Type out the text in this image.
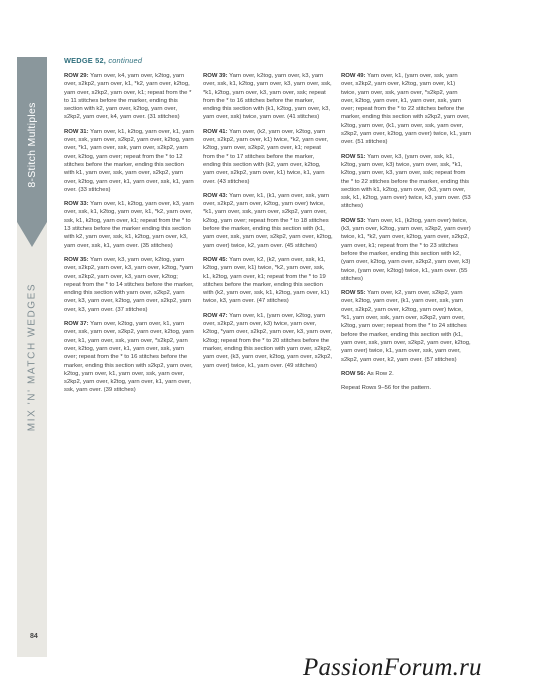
8-Stitch Multiples
MIX 'N' MATCH WEDGES
WEDGE 52, continued

ROW 29: Yarn over, k4, yarn over, k2tog, yarn over, s2kp2, yarn over, k1, *k2, yarn over, k2tog, yarn over, s2kp2, yarn over, k1; repeat from the * to 11 stitches before the marker, ending this section with k2, yarn over, k2tog, yarn over, s2kp2, yarn over, k4, yarn over. (31 stitches)

ROW 31: Yarn over, k1, k2tog, yarn over, k1, yarn over, ssk, yarn over, s2kp2, yarn over, k2tog, yarn over, *k1, yarn over, ssk, yarn over, s2kp2, yarn over, k2tog, yarn over; repeat from the * to 12 stitches before the marker, ending this section with k1, yarn over, ssk, yarn over, s2kp2, yarn over, k2tog, yarn over, k1, yarn over, ssk, k1, yarn over. (33 stitches)

ROW 33: Yarn over, k1, k2tog, yarn over, k3, yarn over, ssk, k1, k2tog, yarn over, k1, *k2, yarn over, ssk, k1, k2tog, yarn over, k1; repeat from the * to 13 stitches before the marker ending this section with k2, yarn over, ssk, k1, k2tog, yarn over, k3, yarn over, ssk, k1, yarn over. (35 stitches)

ROW 35: Yarn over, k3, yarn over, k2tog, yarn over, s2kp2, yarn over, k3, yarn over, k2tog, *yarn over, s2kp2, yarn over, k3, yarn over, k2tog; repeat from the * to 14 stitches before the marker, ending this section with yarn over, s2kp2, yarn over, k3, yarn over, k2tog, yarn over, s2kp2, yarn over, k3, yarn over. (37 stitches)

ROW 37: Yarn over, k2tog, yarn over, k1, yarn over, ssk, yarn over, s2kp2, yarn over, k2tog, yarn over, k1, yarn over, ssk, yarn over, *s2kp2, yarn over, k2tog, yarn over, k1, yarn over, ssk, yarn over; repeat from the * to 16 stitches before the marker, ending this section with s2kp2, yarn over, k2tog, yarn over, k1, yarn over, ssk, yarn over, s2kp2, yarn over, k2tog, yarn over, k1, yarn over, ssk, yarn over. (39 stitches)

ROW 39: Yarn over, k2tog, yarn over, k3, yarn over, ssk, k1, k2tog, yarn over, k3, yarn over, ssk, *k1, k2tog, yarn over, k3, yarn over, ssk; repeat from the * to 16 stitches before the marker, ending this section with (k1, k2tog, yarn over, k3, yarn over, ssk) twice, yarn over. (41 stitches)

ROW 41: Yarn over, (k2, yarn over, k2tog, yarn over, s2kp2, yarn over, k1) twice, *k2, yarn over, k2tog, yarn over, s2kp2, yarn over, k1; repeat from the * to 17 stitches before the marker, ending this section with (k2, yarn over, k2tog, yarn over, s2kp2, yarn over, k1) twice, k1, yarn over. (43 stitches)

ROW 43: Yarn over, k1, (k1, yarn over, ssk, yarn over, s2kp2, yarn over, k2tog, yarn over) twice, *k1, yarn over, ssk, yarn over, s2kp2, yarn over, k2tog, yarn over; repeat from the * to 18 stitches before the marker, ending this section with (k1, yarn over, ssk, yarn over, s2kp2, yarn over, k2tog, yarn over) twice, k2, yarn over. (45 stitches)

ROW 45: Yarn over, k2, (k2, yarn over, ssk, k1, k2tog, yarn over, k1) twice, *k2, yarn over, ssk, k1, k2tog, yarn over, k1; repeat from the * to 19 stitches before the marker, ending this section with (k2, yarn over, ssk, k1, k2tog, yarn over, k1) twice, k3, yarn over. (47 stitches)

ROW 47: Yarn over, k1, (yarn over, k2tog, yarn over, s2kp2, yarn over, k3) twice, yarn over, k2tog, *yarn over, s2kp2, yarn over, k3, yarn over, k2tog; repeat from the * to 20 stitches before the marker, ending this section with yarn over, s2kp2, yarn over, (k3, yarn over, k2tog, yarn over, s2kp2, yarn over) twice, k1, yarn over. (49 stitches)

ROW 49: Yarn over, k1, (yarn over, ssk, yarn over, s2kp2, yarn over, k2tog, yarn over, k1) twice, yarn over, ssk, yarn over, *s2kp2, yarn over, k2tog, yarn over, k1, yarn over, ssk, yarn over; repeat from the * to 22 stitches before the marker, ending this section with s2kp2, yarn over, k2tog, yarn over, (k1, yarn over, ssk, yarn over, s2kp2, yarn over, k2tog, yarn over) twice, k1, yarn over. (51 stitches)

ROW 51: Yarn over, k3, (yarn over, ssk, k1, k2tog, yarn over, k3) twice, yarn over, ssk, *k1, k2tog, yarn over, k3, yarn over, ssk; repeat from the * to 22 stitches before the marker, ending this section with k1, k2tog, yarn over, (k3, yarn over, ssk, k1, k2tog, yarn over) twice, k3, yarn over. (53 stitches)

ROW 53: Yarn over, k1, (k2tog, yarn over) twice, (k3, yarn over, k2tog, yarn over, s2kp2, yarn over) twice, k1, *k2, yarn over, k2tog, yarn over, s2kp2, yarn over, k1; repeat from the * to 23 stitches before the marker, ending this section with k2, (yarn over, k2tog, yarn over, s2kp2, yarn over, k3) twice, (yarn over, k2tog) twice, k1, yarn over. (55 stitches)

ROW 55: Yarn over, k2, yarn over, s2kp2, yarn over, k2tog, yarn over, (k1, yarn over, ssk, yarn over, s2kp2, yarn over, k2tog, yarn over) twice, *k1, yarn over, ssk, yarn over, s2kp2, yarn over, k2tog, yarn over; repeat from the * to 24 stitches before the marker, ending this section with (k1, yarn over, ssk, yarn over, s2kp2, yarn over, k2tog, yarn over) twice, k1, yarn over, ssk, yarn over, s2kp2, yarn over, k2, yarn over. (57 stitches)

ROW 56: As Row 2.

Repeat Rows 9–56 for the pattern.

84
PassionForum.ru
